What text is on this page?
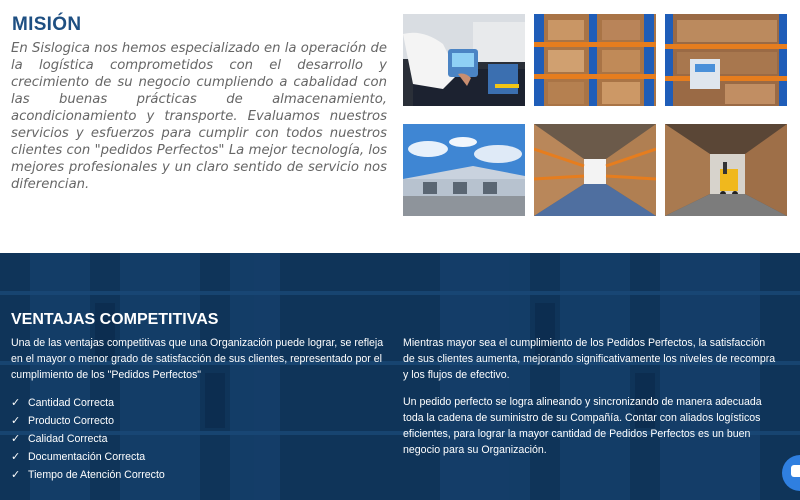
MISIÓN

En Sislogica nos hemos especializado en la operación de la logística comprometidos con el desarrollo y crecimiento de su negocio cumpliendo a cabalidad con las buenas prácticas de almacenamiento, acondicionamiento y transporte. Evaluamos nuestros servicios y esfuerzos para cumplir con todos nuestros clientes con "pedidos Perfectos" La mejor tecnología, los mejores profesionales y un claro sentido de servicio nos diferencian.

VENTAJAS COMPETITIVAS

Una de las ventajas competitivas que una Organización puede lograr, se refleja en el mayor o menor grado de satisfacción de sus clientes, representado por el cumplimiento de los "Pedidos Perfectos"

✓ Cantidad Correcta
✓ Producto Correcto
✓ Calidad Correcta
✓ Documentación Correcta
✓ Tiempo de Atención Correcto

Mientras mayor sea el cumplimiento de los Pedidos Perfectos, la satisfacción de sus clientes aumenta, mejorando significativamente los niveles de recompra y los flujos de efectivo.

Un pedido perfecto se logra alineando y sincronizando de manera adecuada toda la cadena de suministro de su Compañía. Contar con aliados logísticos eficientes, para lograr la mayor cantidad de Pedidos Perfectos es un buen negocio para su Organización.
